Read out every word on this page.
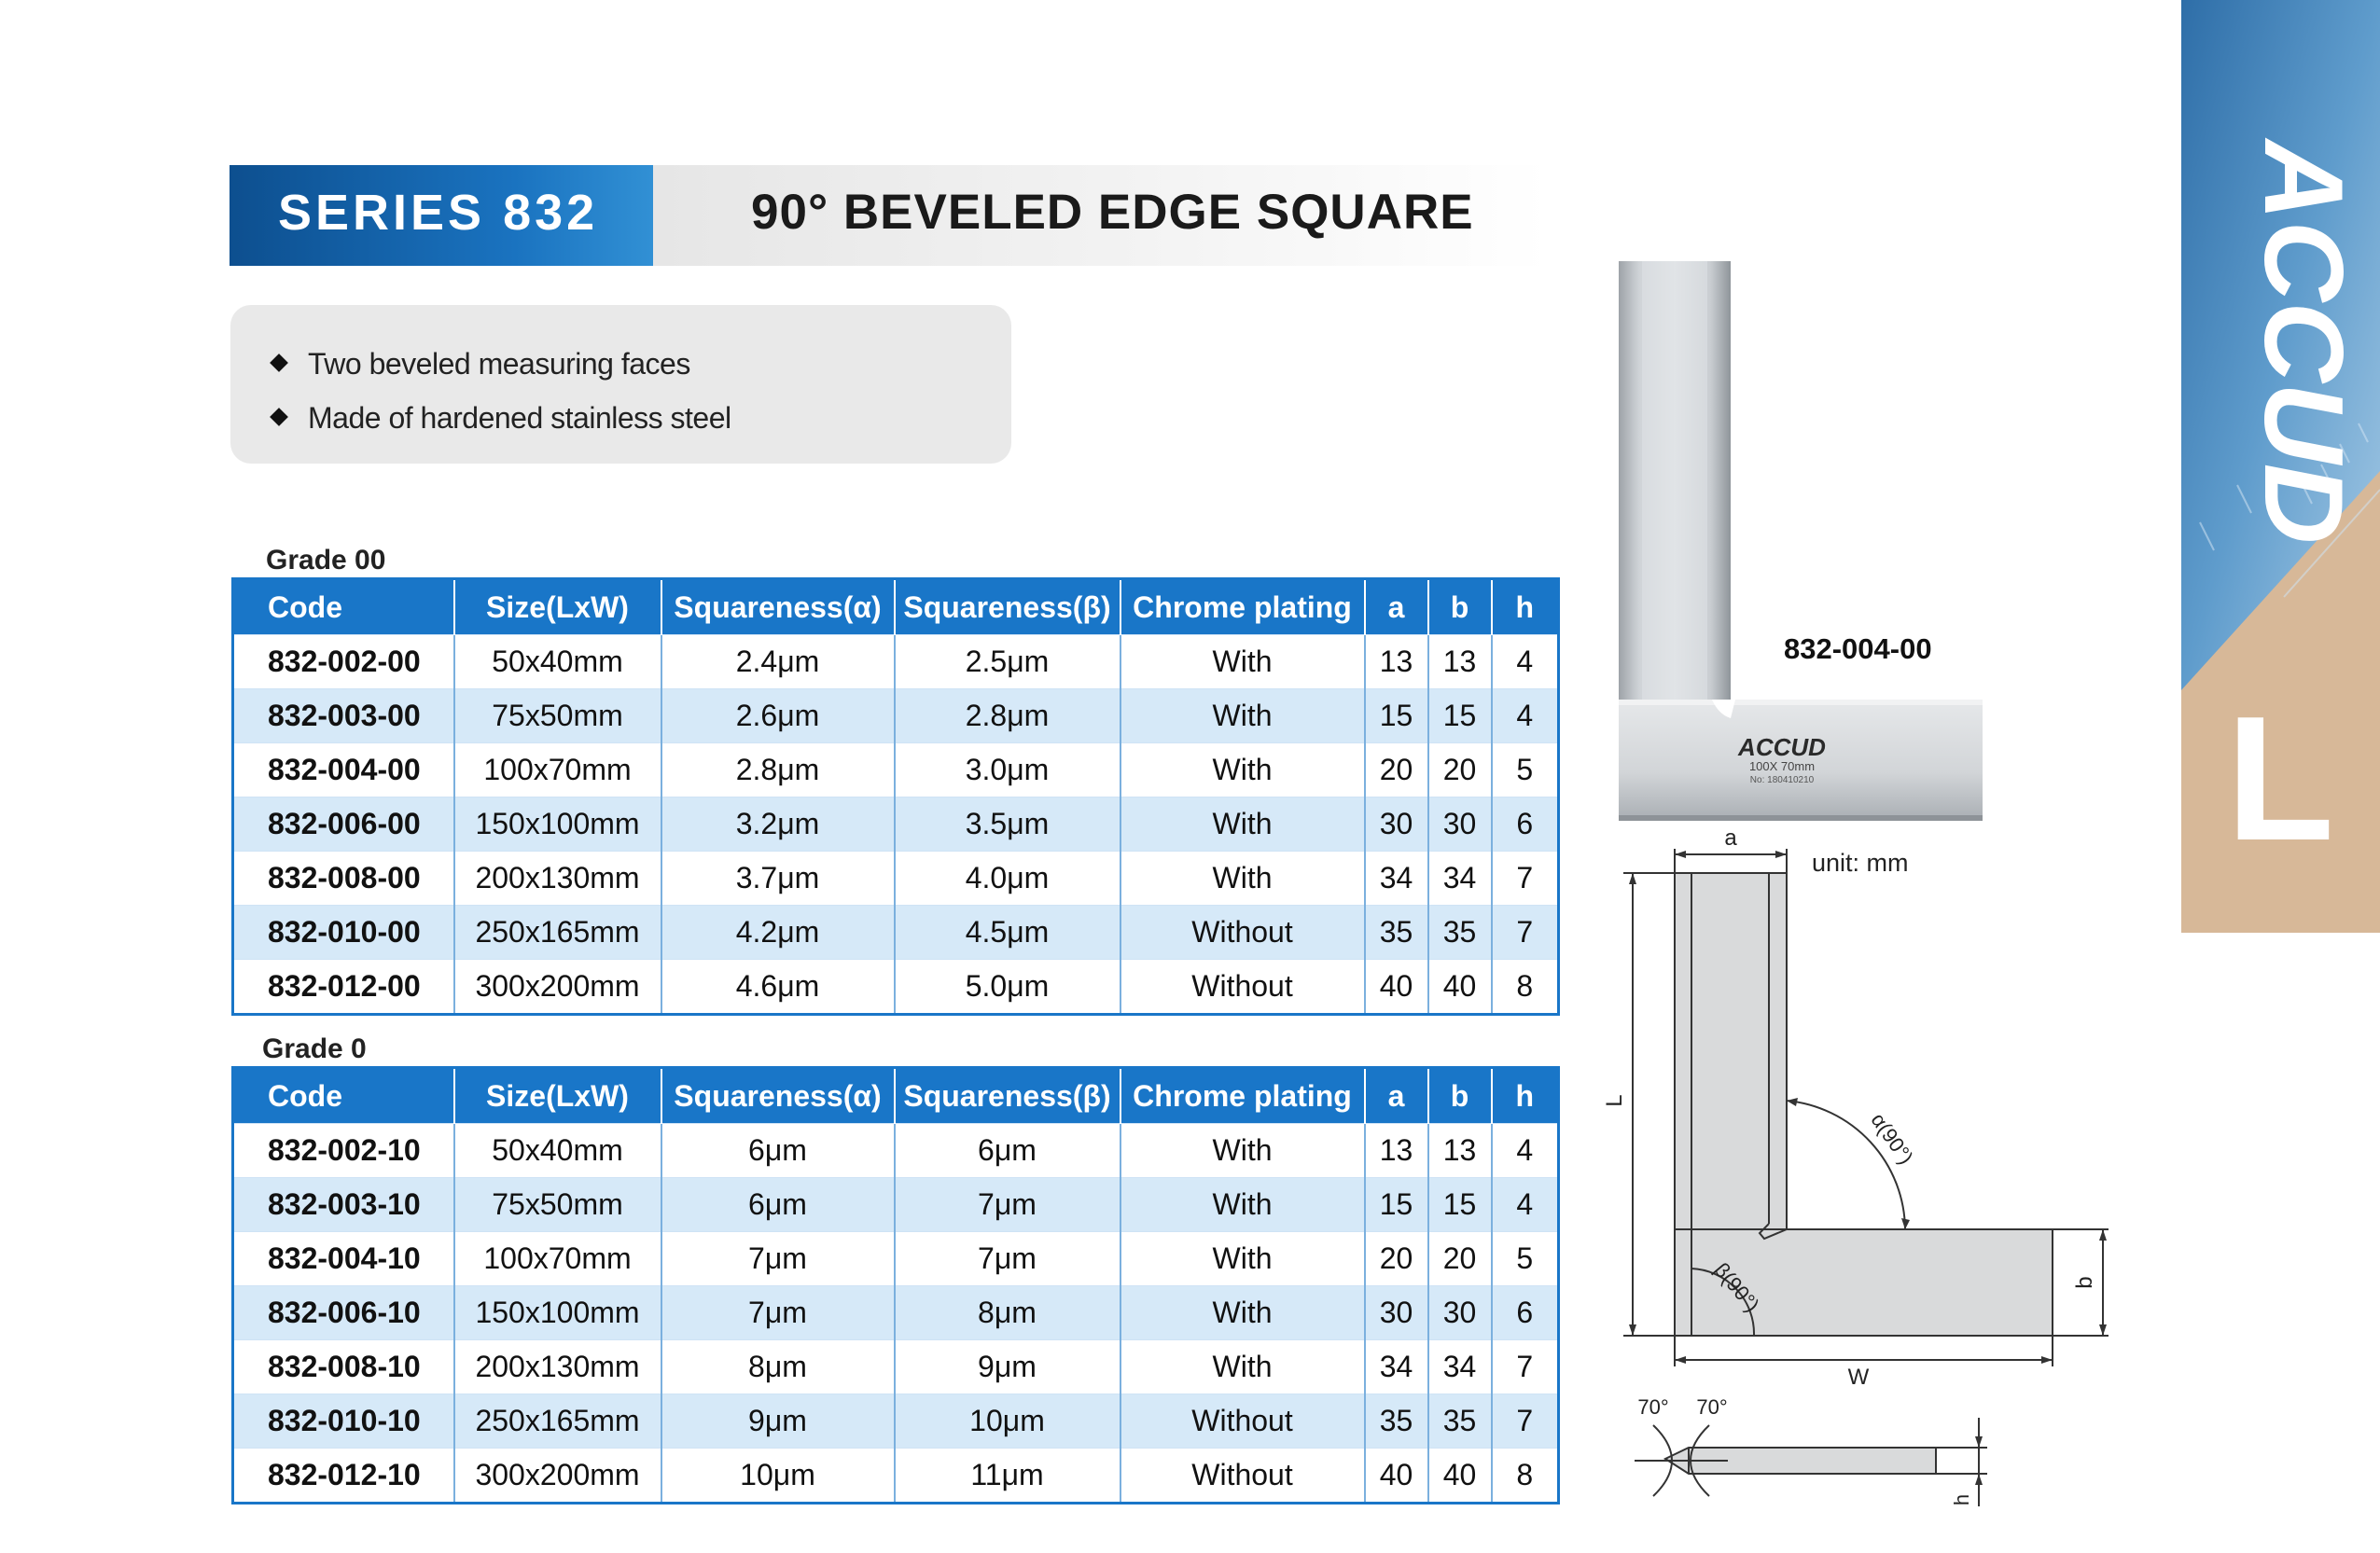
SERIES 832	90° BEVELED EDGE SQUARE
Two beveled measuring faces
Made of hardened stainless steel
Grade 00
Code	Size(LxW)	Squareness(α)	Squareness(β)	Chrome plating	a	b	h
832-002-00	50x40mm	2.4μm	2.5μm	With	13	13	4
832-003-00	75x50mm	2.6μm	2.8μm	With	15	15	4
832-004-00	100x70mm	2.8μm	3.0μm	With	20	20	5
832-006-00	150x100mm	3.2μm	3.5μm	With	30	30	6
832-008-00	200x130mm	3.7μm	4.0μm	With	34	34	7
832-010-00	250x165mm	4.2μm	4.5μm	Without	35	35	7
832-012-00	300x200mm	4.6μm	5.0μm	Without	40	40	8
Grade 0
Code	Size(LxW)	Squareness(α)	Squareness(β)	Chrome plating	a	b	h
832-002-10	50x40mm	6μm	6μm	With	13	13	4
832-003-10	75x50mm	6μm	7μm	With	15	15	4
832-004-10	100x70mm	7μm	7μm	With	20	20	5
832-006-10	150x100mm	7μm	8μm	With	30	30	6
832-008-10	200x130mm	8μm	9μm	With	34	34	7
832-010-10	250x165mm	9μm	10μm	Without	35	35	7
832-012-10	300x200mm	10μm	11μm	Without	40	40	8
ACCUD
100X 70mm
No: 180410210
832-004-00
a
L
W
b
α(90°)
β(90°)
70° 70°
h
unit: mm
ACCUD
L
